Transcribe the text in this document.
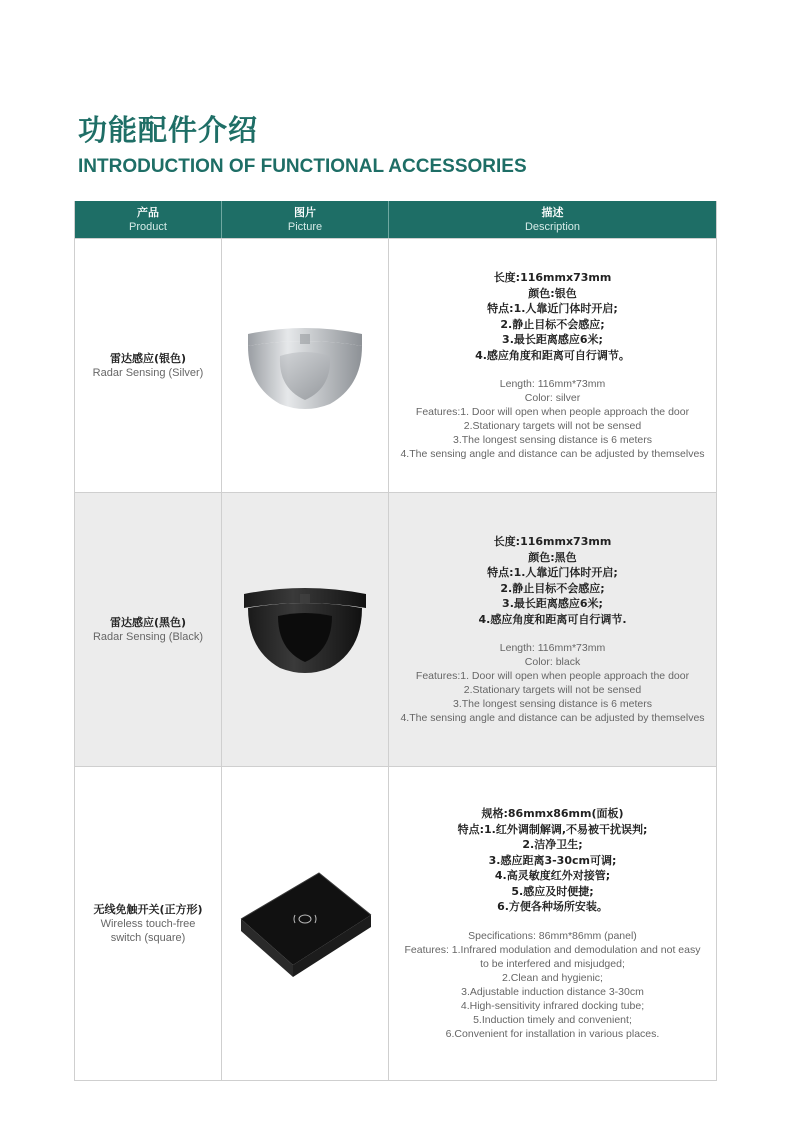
功能配件介绍
INTRODUCTION OF FUNCTIONAL ACCESSORIES
产品
Product
图片
Picture
描述
Description
雷达感应(银色)
Radar Sensing (Silver)
长度:116mmx73mm
颜色:银色
特点:1.人靠近门体时开启;
2.静止目标不会感应;
3.最长距离感应6米;
4.感应角度和距离可自行调节。
Length: 116mm*73mm
Color: silver
Features:1. Door will open when people approach the door
2.Stationary targets will not be sensed
3.The longest sensing distance is 6 meters
4.The sensing angle and distance can be adjusted by themselves
雷达感应(黑色)
Radar Sensing (Black)
长度:116mmx73mm
颜色:黑色
特点:1.人靠近门体时开启;
2.静止目标不会感应;
3.最长距离感应6米;
4.感应角度和距离可自行调节.
Length: 116mm*73mm
Color: black
Features:1. Door will open when people approach the door
2.Stationary targets will not be sensed
3.The longest sensing distance is 6 meters
4.The sensing angle and distance can be adjusted by themselves
无线免触开关(正方形)
Wireless touch-free
switch (square)
规格:86mmx86mm(面板)
特点:1.红外调制解调,不易被干扰误判;
2.洁净卫生;
3.感应距离3-30cm可调;
4.高灵敏度红外对接管;
5.感应及时便捷;
6.方便各种场所安装。
Specifications: 86mm*86mm (panel)
Features: 1.Infrared modulation and demodulation and not easy
to be interfered and misjudged;
2.Clean and hygienic;
3.Adjustable induction distance 3-30cm
4.High-sensitivity infrared docking tube;
5.Induction timely and convenient;
6.Convenient for installation in various places.
